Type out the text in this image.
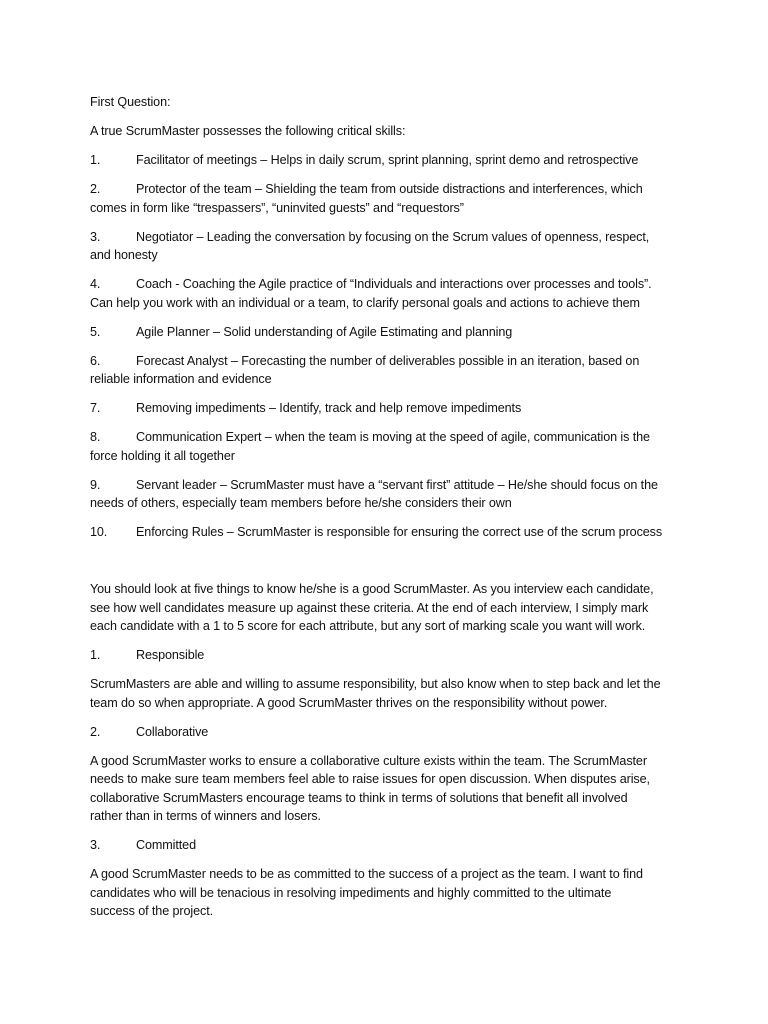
First Question:

A true ScrumMaster possesses the following critical skills:

1.	Facilitator of meetings – Helps in daily scrum, sprint planning, sprint demo and retrospective
2.	Protector of the team – Shielding the team from outside distractions and interferences, which
comes in form like “trespassers”, “uninvited guests” and “requestors”
3.	Negotiator – Leading the conversation by focusing on the Scrum values of openness, respect,
and honesty
4.	Coach - Coaching the Agile practice of “Individuals and interactions over processes and tools”.
Can help you work with an individual or a team, to clarify personal goals and actions to achieve them
5.	Agile Planner – Solid understanding of Agile Estimating and planning
6.	Forecast Analyst – Forecasting the number of deliverables possible in an iteration, based on
reliable information and evidence
7.	Removing impediments – Identify, track and help remove impediments
8.	Communication Expert – when the team is moving at the speed of agile, communication is the
force holding it all together
9.	Servant leader – ScrumMaster must have a “servant first” attitude – He/she should focus on the
needs of others, especially team members before he/she considers their own
10. Enforcing Rules – ScrumMaster is responsible for ensuring the correct use of the scrum process

You should look at five things to know he/she is a good ScrumMaster. As you interview each candidate,
see how well candidates measure up against these criteria. At the end of each interview, I simply mark
each candidate with a 1 to 5 score for each attribute, but any sort of marking scale you want will work.

1.	Responsible

ScrumMasters are able and willing to assume responsibility, but also know when to step back and let the
team do so when appropriate. A good ScrumMaster thrives on the responsibility without power.

2.	Collaborative

A good ScrumMaster works to ensure a collaborative culture exists within the team. The ScrumMaster
needs to make sure team members feel able to raise issues for open discussion. When disputes arise,
collaborative ScrumMasters encourage teams to think in terms of solutions that benefit all involved
rather than in terms of winners and losers.

3.	Committed

A good ScrumMaster needs to be as committed to the success of a project as the team. I want to find
candidates who will be tenacious in resolving impediments and highly committed to the ultimate
success of the project.
